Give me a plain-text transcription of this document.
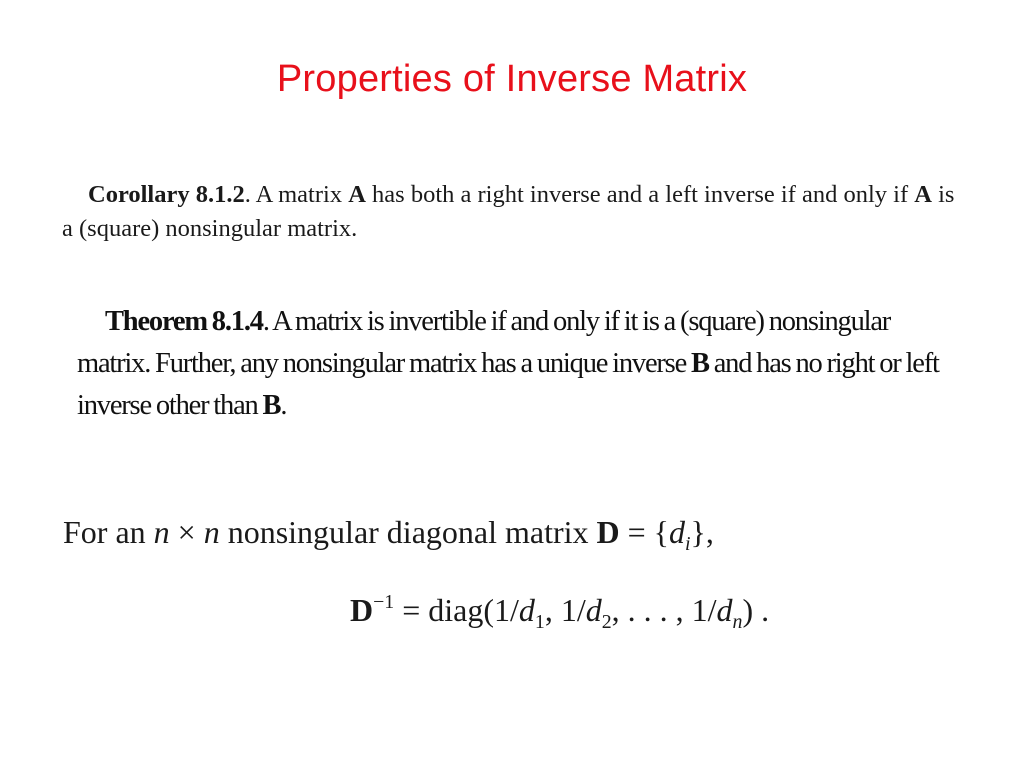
Properties of Inverse Matrix
Corollary 8.1.2. A matrix A has both a right inverse and a left inverse if and only if A is a (square) nonsingular matrix.
Theorem 8.1.4. A matrix is invertible if and only if it is a (square) nonsingular matrix. Further, any nonsingular matrix has a unique inverse B and has no right or left inverse other than B.
For an n × n nonsingular diagonal matrix $D = \{d_i\}$,
$D^{-1}$ = $diag(1/d_1$, $1/d_2$, . . . , $1/d_n$) .
